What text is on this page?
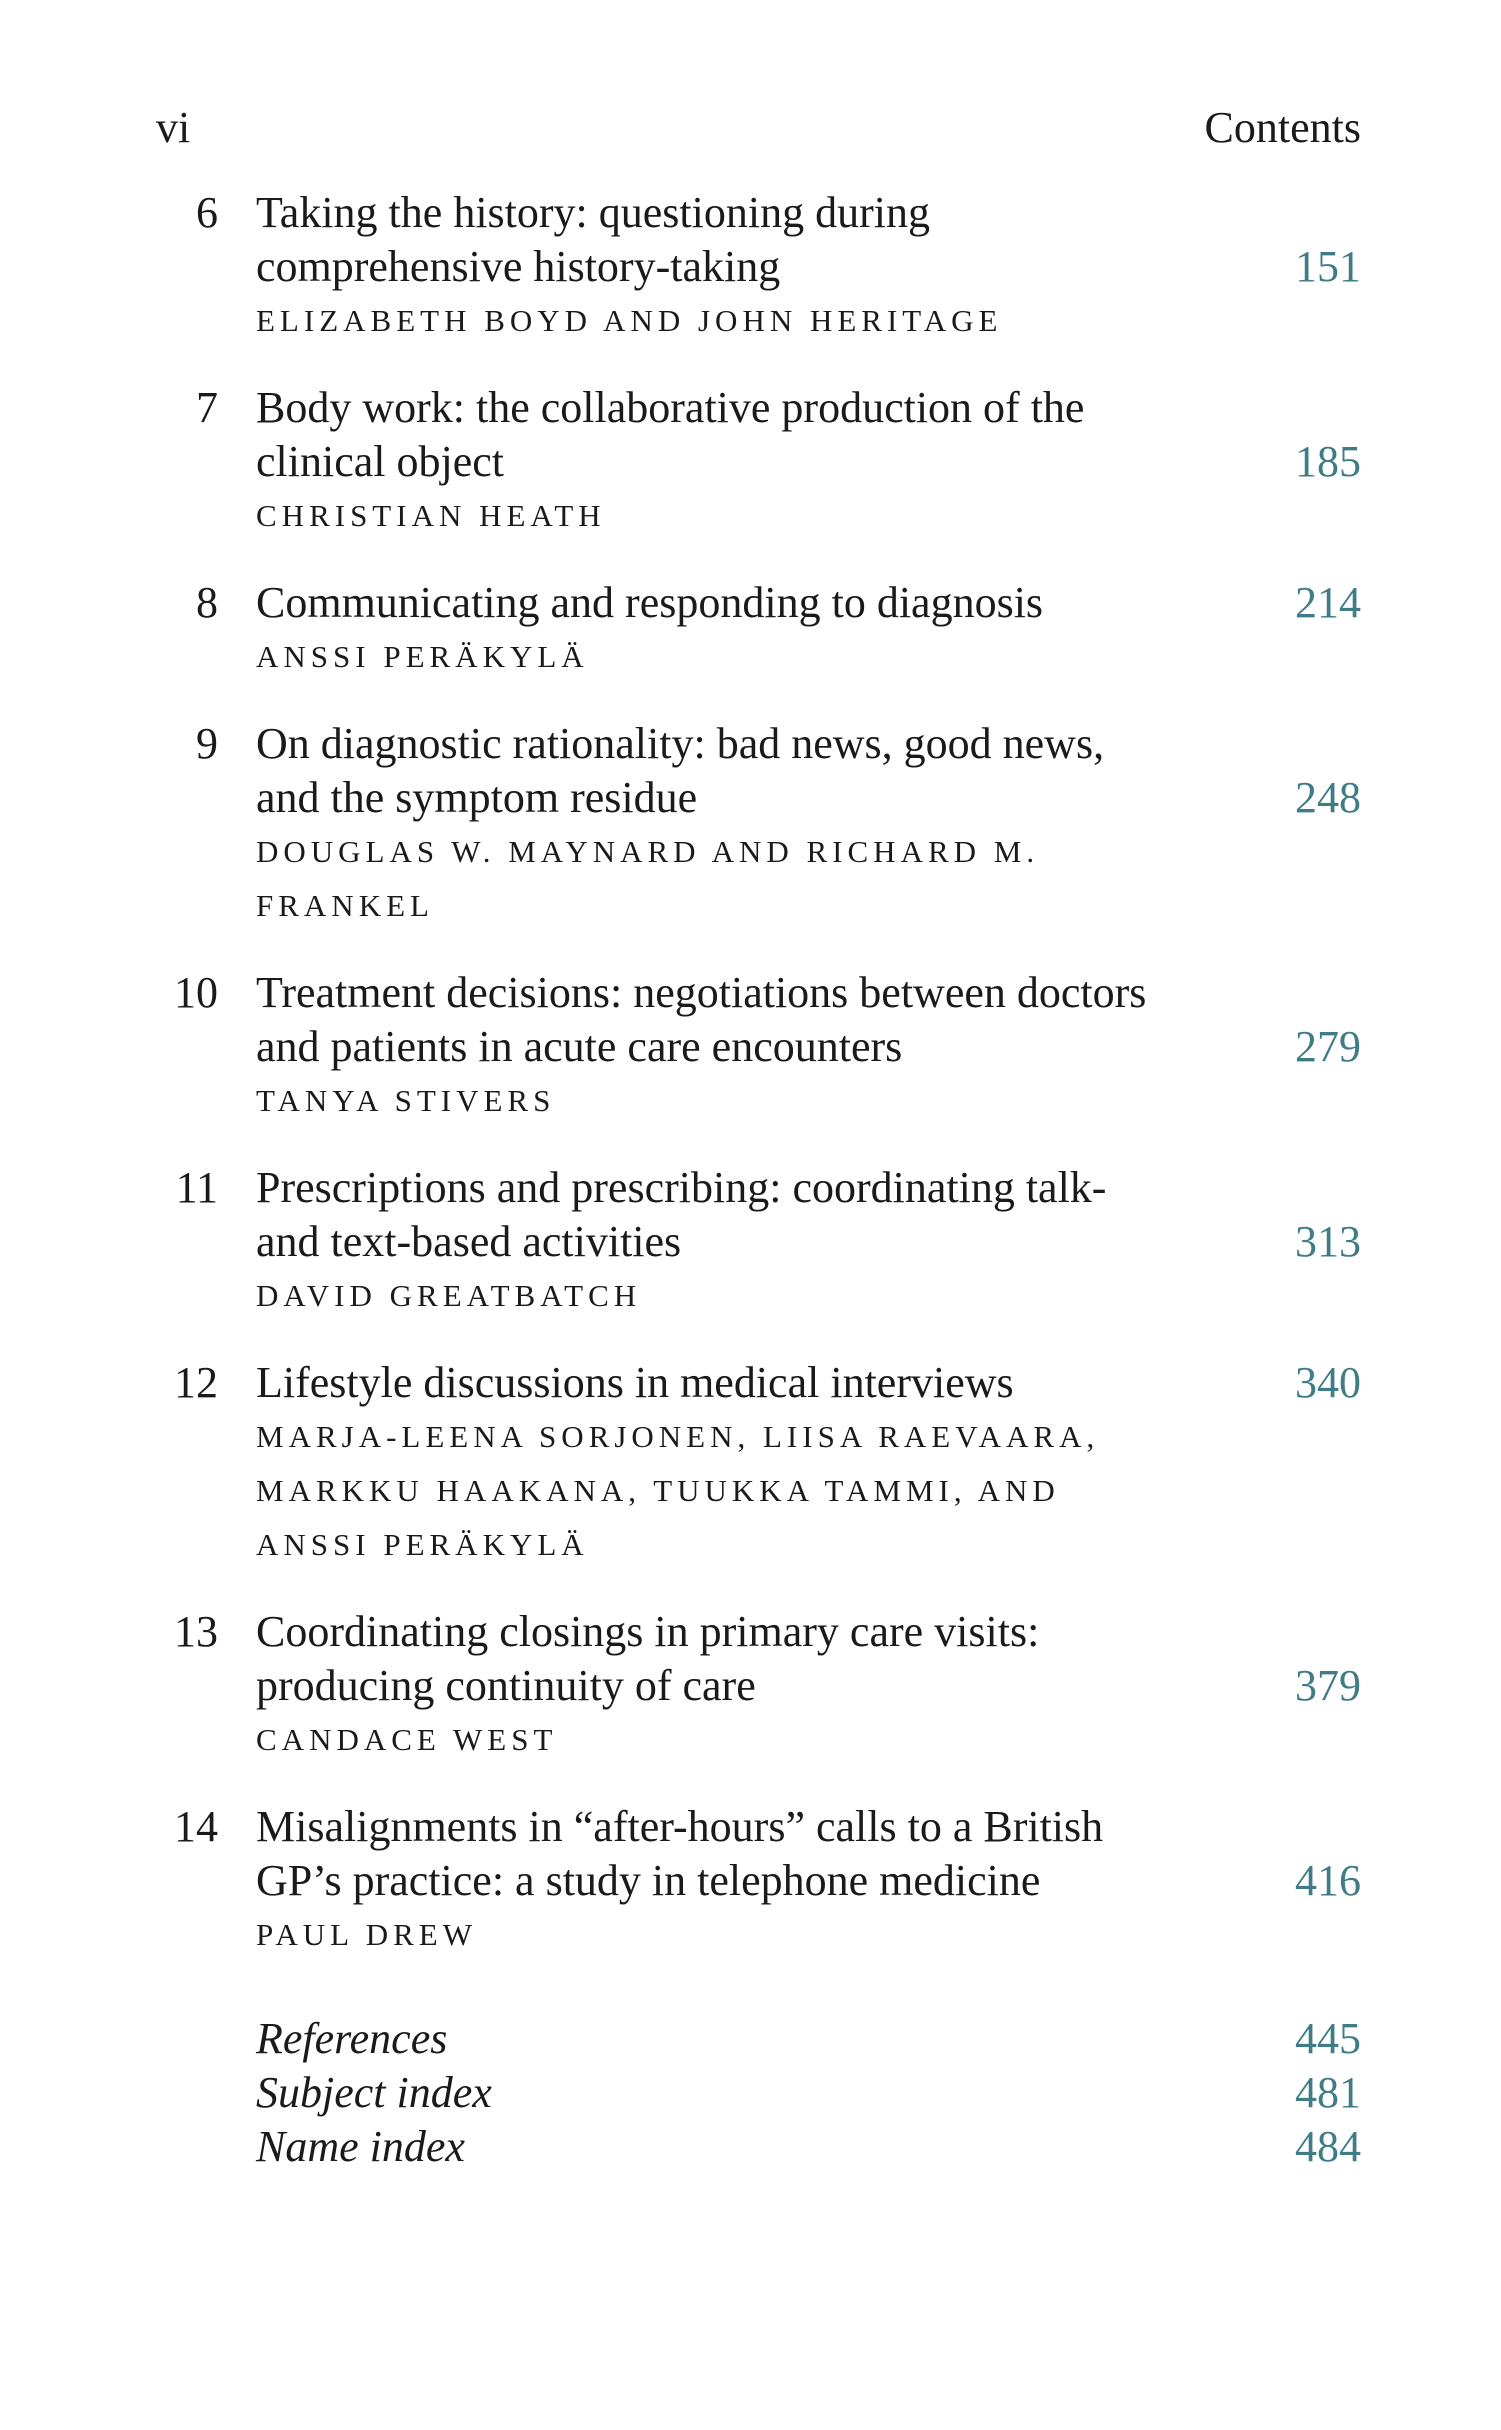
vi	Contents
6 Taking the history: questioning during
comprehensive history-taking	151
ELIZABETH BOYD AND JOHN HERITAGE
7 Body work: the collaborative production of the
clinical object	185
CHRISTIAN HEATH
8 Communicating and responding to diagnosis	214
ANSSI PERÄKYLÄ
9 On diagnostic rationality: bad news, good news,
and the symptom residue	248
DOUGLAS W. MAYNARD AND RICHARD M.
FRANKEL
10 Treatment decisions: negotiations between doctors
and patients in acute care encounters	279
TANYA STIVERS
11 Prescriptions and prescribing: coordinating talk-
and text-based activities	313
DAVID GREATBATCH
12 Lifestyle discussions in medical interviews	340
MARJA-LEENA SORJONEN, LIISA RAEVAARA,
MARKKU HAAKANA, TUUKKA TAMMI, AND
ANSSI PERÄKYLÄ
13 Coordinating closings in primary care visits:
producing continuity of care	379
CANDACE WEST
14 Misalignments in “after-hours” calls to a British
GP’s practice: a study in telephone medicine	416
PAUL DREW
References	445
Subject index	481
Name index	484
